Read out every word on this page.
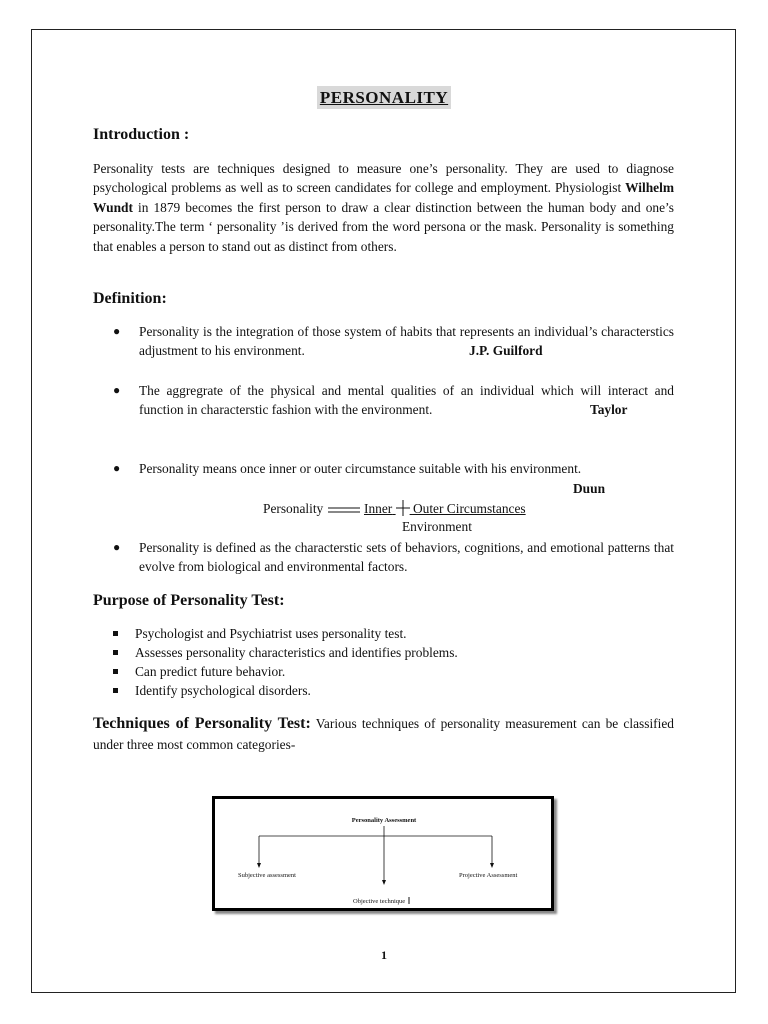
PERSONALITY
Introduction :
Personality tests are techniques designed to measure one’s personality. They are used to diagnose psychological problems as well as to screen candidates for college and employment. Physiologist Wilhelm Wundt in 1879 becomes the first person to draw a clear distinction between the human body and one’s personality.The term ‘ personality ’is derived from the word persona or the mask. Personality is something that enables a person to stand out as distinct from others.
Definition:
● Personality is the integration of those system of habits that represents an individual’s characterstics adjustment to his environment.	J.P. Guilford
● The aggregrate of the physical and mental qualities of an individual which will interact and function in characterstic fashion with the environment.	Taylor
● Personality means once inner or outer circumstance suitable with his environment.
Duun
Personality	Inner Outer Circumstances
Environment
● Personality is defined as the characterstic sets of behaviors, cognitions, and emotional patterns that evolve from biological and environmental factors.
Purpose of Personality Test:
Psychologist and Psychiatrist uses personality test.
Assesses personality characteristics and identifies problems.
Can predict future behavior.
Identify psychological disorders.
Techniques of Personality Test: Various techniques of personality measurement can be classified under three most common categories-
Personality Assessment
Subjective assessment	Projective Assessment
Objective technique
1
